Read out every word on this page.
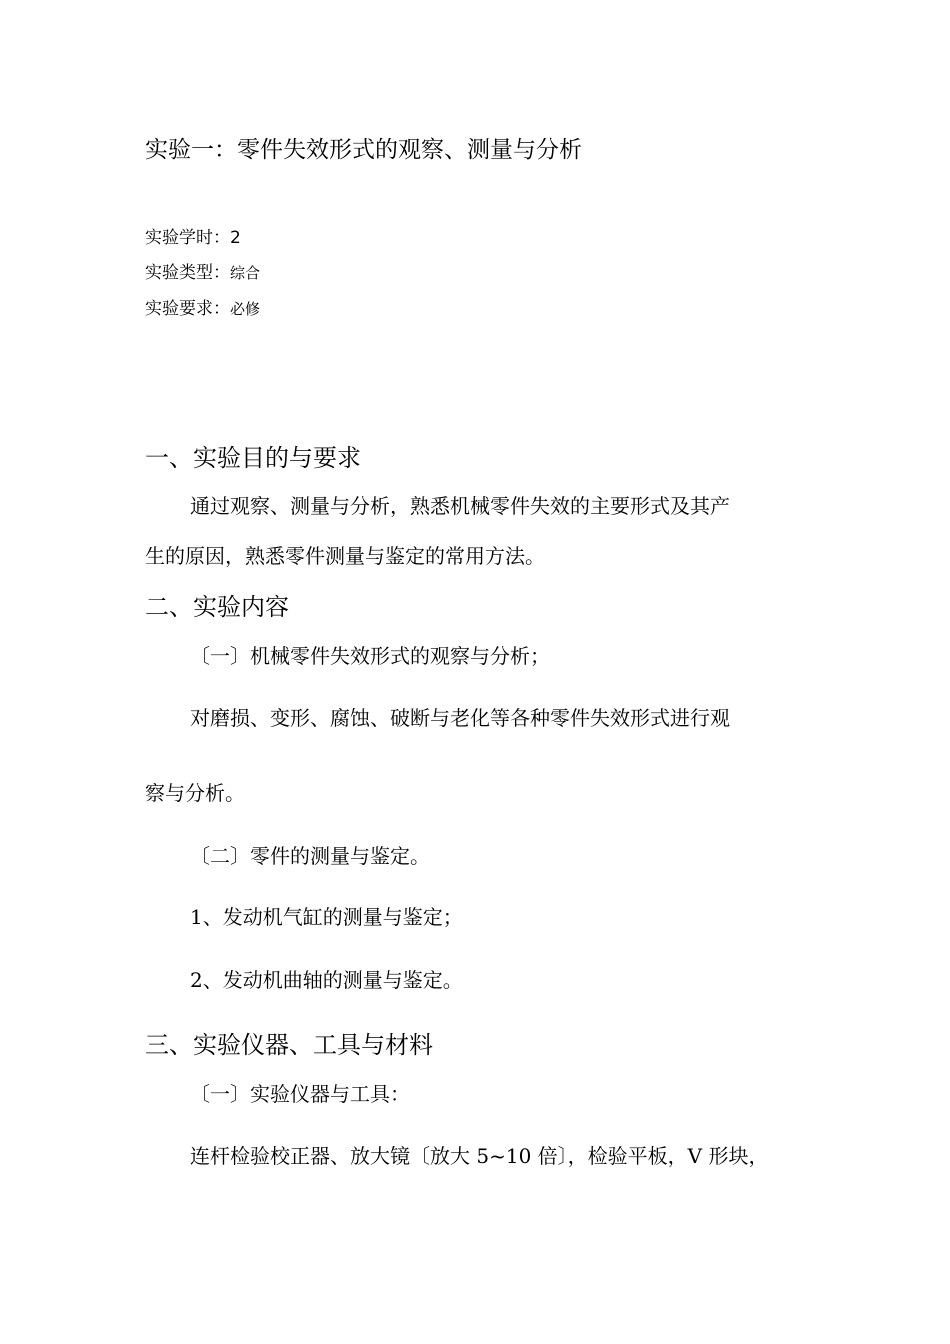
实验一：零件失效形式的观察、测量与分析
实验学时：2
实验类型：综合
实验要求：必修
一、实验目的与要求
通过观察、测量与分析，熟悉机械零件失效的主要形式及其产
生的原因，熟悉零件测量与鉴定的常用方法。
二、实验内容
〔一〕机械零件失效形式的观察与分析；
对磨损、变形、腐蚀、破断与老化等各种零件失效形式进行观
察与分析。
〔二〕零件的测量与鉴定。
1、发动机气缸的测量与鉴定；
2、发动机曲轴的测量与鉴定。
三、实验仪器、工具与材料
〔一〕实验仪器与工具：
连杆检验校正器、放大镜〔放大 5~10 倍〕，检验平板，V 形块，
